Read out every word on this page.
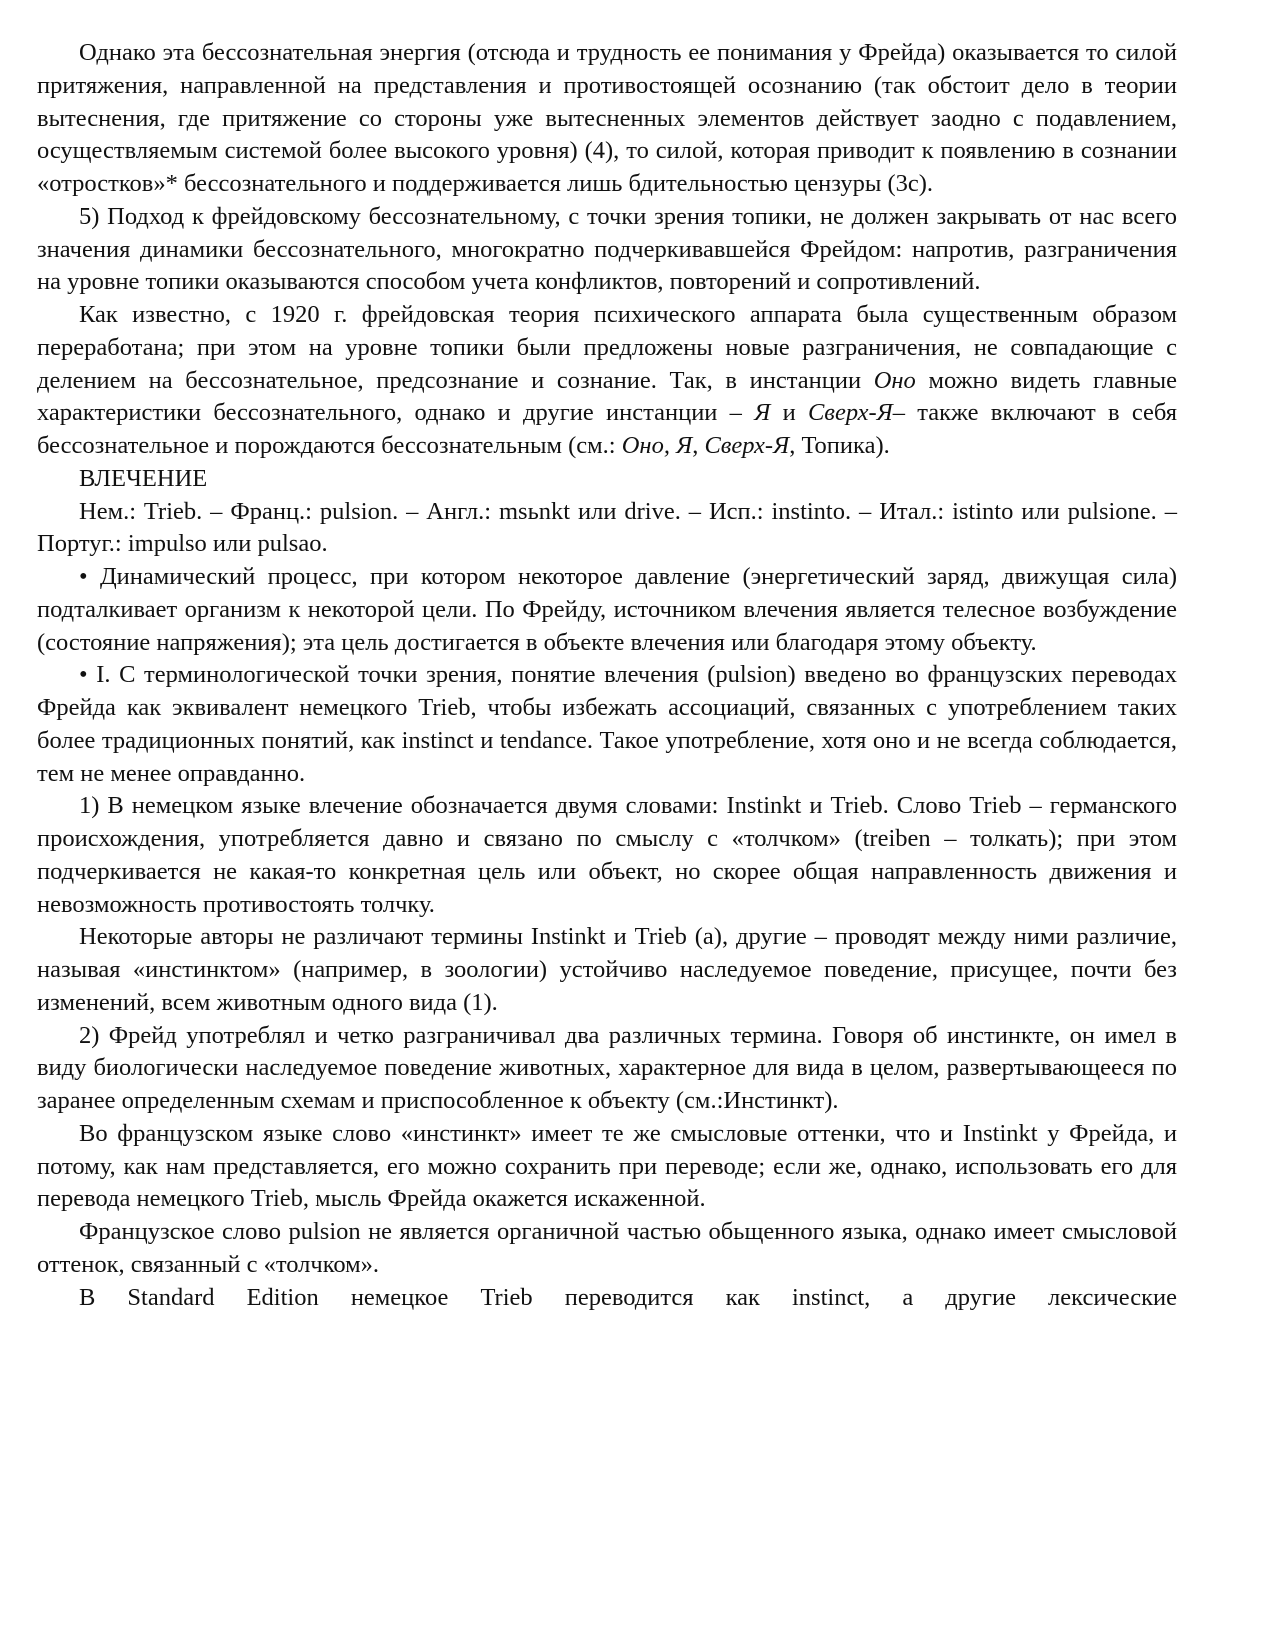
Однако эта бессознательная энергия (отсюда и трудность ее понимания у Фрейда) оказывается то силой притяжения, направленной на представления и противостоящей осознанию (так обстоит дело в теории вытеснения, где притяжение со стороны уже вытесненных элементов действует заодно с подавлением, осуществляемым системой более высокого уровня) (4), то силой, которая приводит к появлению в сознании «отростков»* бессознательного и поддерживается лишь бдительностью цензуры (3с).

5) Подход к фрейдовскому бессознательному, с точки зрения топики, не должен закрывать от нас всего значения динамики бессознательного, многократно подчеркивавшейся Фрейдом: напротив, разграничения на уровне топики оказываются способом учета конфликтов, повторений и сопротивлений.

Как известно, с 1920 г. фрейдовская теория психического аппарата была существенным образом переработана; при этом на уровне топики были предложены новые разграничения, не совпадающие с делением на бессознательное, предсознание и сознание. Так, в инстанции Оно можно видеть главные характеристики бессознательного, однако и другие инстанции – Я и Сверх-Я– также включают в себя бессознательное и порождаются бессознательным (см.: Оно, Я, Сверх-Я, Топика).

ВЛЕЧЕНИЕ

Нем.: Trieb. – Франц.: pulsion. – Англ.: msьnkt или drive. – Исп.: instinto. – Итал.: istinto или pulsione. – Португ.: impulso или pulsao.

• Динамический процесс, при котором некоторое давление (энергетический заряд, движущая сила) подталкивает организм к некоторой цели. По Фрейду, источником влечения является телесное возбуждение (состояние напряжения); эта цель достигается в объекте влечения или благодаря этому объекту.

• I. С терминологической точки зрения, понятие влечения (pulsion) введено во французских переводах Фрейда как эквивалент немецкого Trieb, чтобы избежать ассоциаций, связанных с употреблением таких более традиционных понятий, как instinct и tendance. Такое употребление, хотя оно и не всегда соблюдается, тем не менее оправданно.

1) В немецком языке влечение обозначается двумя словами: Instinkt и Trieb. Слово Trieb – германского происхождения, употребляется давно и связано по смыслу с «толчком» (treiben – толкать); при этом подчеркивается не какая-то конкретная цель или объект, но скорее общая направленность движения и невозможность противостоять толчку.

Некоторые авторы не различают термины Instinkt и Trieb (а), другие – проводят между ними различие, называя «инстинктом» (например, в зоологии) устойчиво наследуемое поведение, присущее, почти без изменений, всем животным одного вида (1).

2) Фрейд употреблял и четко разграничивал два различных термина. Говоря об инстинкте, он имел в виду биологически наследуемое поведение животных, характерное для вида в целом, развертывающееся по заранее определенным схемам и приспособленное к объекту (см.:Инстинкт).

Во французском языке слово «инстинкт» имеет те же смысловые оттенки, что и Instinkt у Фрейда, и потому, как нам представляется, его можно сохранить при переводе; если же, однако, использовать его для перевода немецкого Trieb, мысль Фрейда окажется искаженной.

Французское слово pulsion не является органичной частью обьщенного языка, однако имеет смысловой оттенок, связанный с «толчком».

В Standard Edition немецкое Trieb переводится как instinct, а другие лексические
